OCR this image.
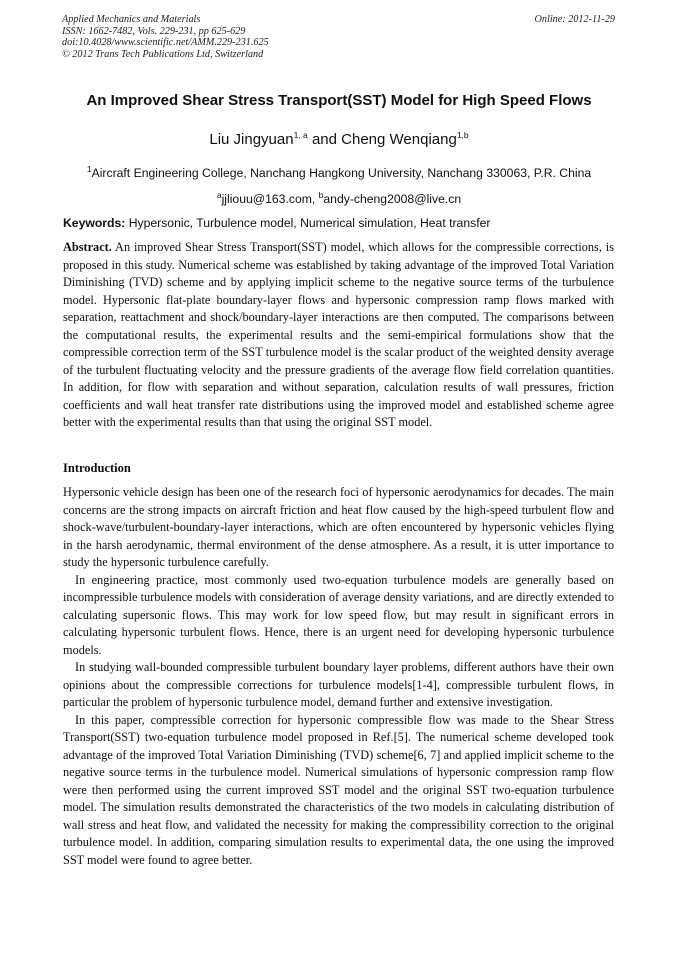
Applied Mechanics and Materials
ISSN: 1662-7482, Vols. 229-231, pp 625-629
doi:10.4028/www.scientific.net/AMM.229-231.625
© 2012 Trans Tech Publications Ltd, Switzerland
Online: 2012-11-29
An Improved Shear Stress Transport(SST) Model for High Speed Flows
Liu Jingyuan$^{1, a}$ and Cheng Wenqiang$^{1,b}$
$^1$Aircraft Engineering College, Nanchang Hangkong University, Nanchang 330063, P.R. China
$^a$jjliouu@163.com, $^b$andy-cheng2008@live.cn
Keywords: Hypersonic, Turbulence model, Numerical simulation, Heat transfer

Abstract. An improved Shear Stress Transport(SST) model, which allows for the compressible corrections, is proposed in this study. Numerical scheme was established by taking advantage of the improved Total Variation Diminishing (TVD) scheme and by applying implicit scheme to the negative source terms of the turbulence model. Hypersonic flat-plate boundary-layer flows and hypersonic compression ramp flows marked with separation, reattachment and shock/boundary-layer interactions are then computed. The comparisons between the computational results, the experimental results and the semi-empirical formulations show that the compressible correction term of the SST turbulence model is the scalar product of the weighted density average of the turbulent fluctuating velocity and the pressure gradients of the average flow field correlation quantities. In addition, for flow with separation and without separation, calculation results of wall pressures, friction coefficients and wall heat transfer rate distributions using the improved model and established scheme agree better with the experimental results than that using the original SST model.

Introduction

Hypersonic vehicle design has been one of the research foci of hypersonic aerodynamics for decades. The main concerns are the strong impacts on aircraft friction and heat flow caused by the high-speed turbulent flow and shock-wave/turbulent-boundary-layer interactions, which are often encountered by hypersonic vehicles flying in the harsh aerodynamic, thermal environment of the dense atmosphere. As a result, it is utter importance to study the hypersonic turbulence carefully.

In engineering practice, most commonly used two-equation turbulence models are generally based on incompressible turbulence models with consideration of average density variations, and are directly extended to calculating supersonic flows. This may work for low speed flow, but may result in significant errors in calculating hypersonic turbulent flows. Hence, there is an urgent need for developing hypersonic turbulence models.

In studying wall-bounded compressible turbulent boundary layer problems, different authors have their own opinions about the compressible corrections for turbulence models[1-4], compressible turbulent flows, in particular the problem of hypersonic turbulence model, demand further and extensive investigation.

In this paper, compressible correction for hypersonic compressible flow was made to the Shear Stress Transport(SST) two-equation turbulence model proposed in Ref.[5]. The numerical scheme developed took advantage of the improved Total Variation Diminishing (TVD) scheme[6, 7] and applied implicit scheme to the negative source terms in the turbulence model. Numerical simulations of hypersonic compression ramp flow were then performed using the current improved SST model and the original SST two-equation turbulence model. The simulation results demonstrated the characteristics of the two models in calculating distribution of wall stress and heat flow, and validated the necessity for making the compressibility correction to the original turbulence model. In addition, comparing simulation results to experimental data, the one using the improved SST model were found to agree better.
